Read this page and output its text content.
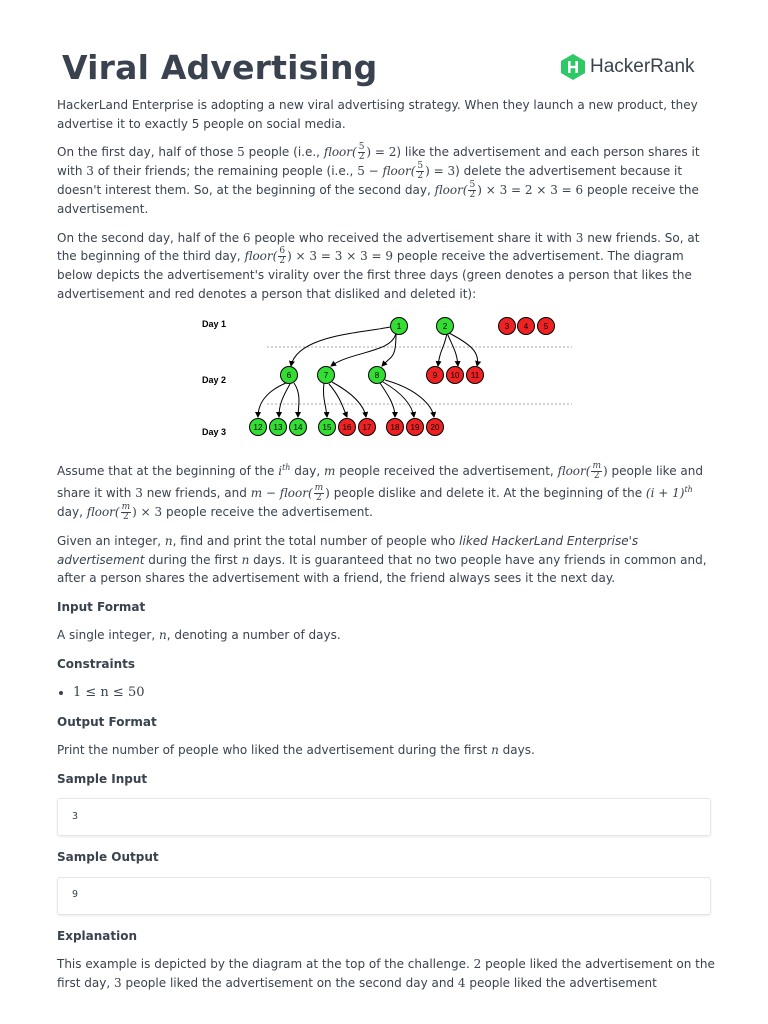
Viral Advertising	HackerRank

HackerLand Enterprise is adopting a new viral advertising strategy. When they launch a new product, they advertise it to exactly 5 people on social media.

On the first day, half of those 5 people (i.e., floor( $\frac{5}{2}$ ) = 2) like the advertisement and each person shares it with 3 of their friends; the remaining people (i.e., 5 − floor( $\frac{5}{2}$ ) = 3) delete the advertisement because it doesn't interest them. So, at the beginning of the second day, floor( $\frac{5}{2}$ ) × 3 = 2 × 3 = 6 people receive the advertisement.

On the second day, half of the 6 people who received the advertisement share it with 3 new friends. So, at the beginning of the third day, floor( $\frac{6}{2}$ ) × 3 = 3 × 3 = 9 people receive the advertisement. The diagram below depicts the advertisement's virality over the first three days (green denotes a person that likes the advertisement and red denotes a person that disliked and deleted it):

Day 1
Day 2
Day 3
1	2	3 4 5
6	7	8	9 10 11
12 13 14	15 16 17 18 19 20

Assume that at the beginning of the $i^{th}$ day, m people received the advertisement, floor( $\frac{m}{2}$ ) people like and share it with 3 new friends, and m − floor( $\frac{m}{2}$ ) people dislike and delete it. At the beginning of the $(i + 1)^{th}$ day, floor( $\frac{m}{2}$ ) × 3 people receive the advertisement.

Given an integer, n, find and print the total number of people who liked HackerLand Enterprise's advertisement during the first n days. It is guaranteed that no two people have any friends in common and, after a person shares the advertisement with a friend, the friend always sees it the next day.

Input Format

A single integer, n, denoting a number of days.

Constraints
• 1 ≤ n ≤ 50
Output Format

Print the number of people who liked the advertisement during the first n days.

Sample Input
3
Sample Output
9
Explanation

This example is depicted by the diagram at the top of the challenge. 2 people liked the advertisement on the first day, 3 people liked the advertisement on the second day and 4 people liked the advertisement
